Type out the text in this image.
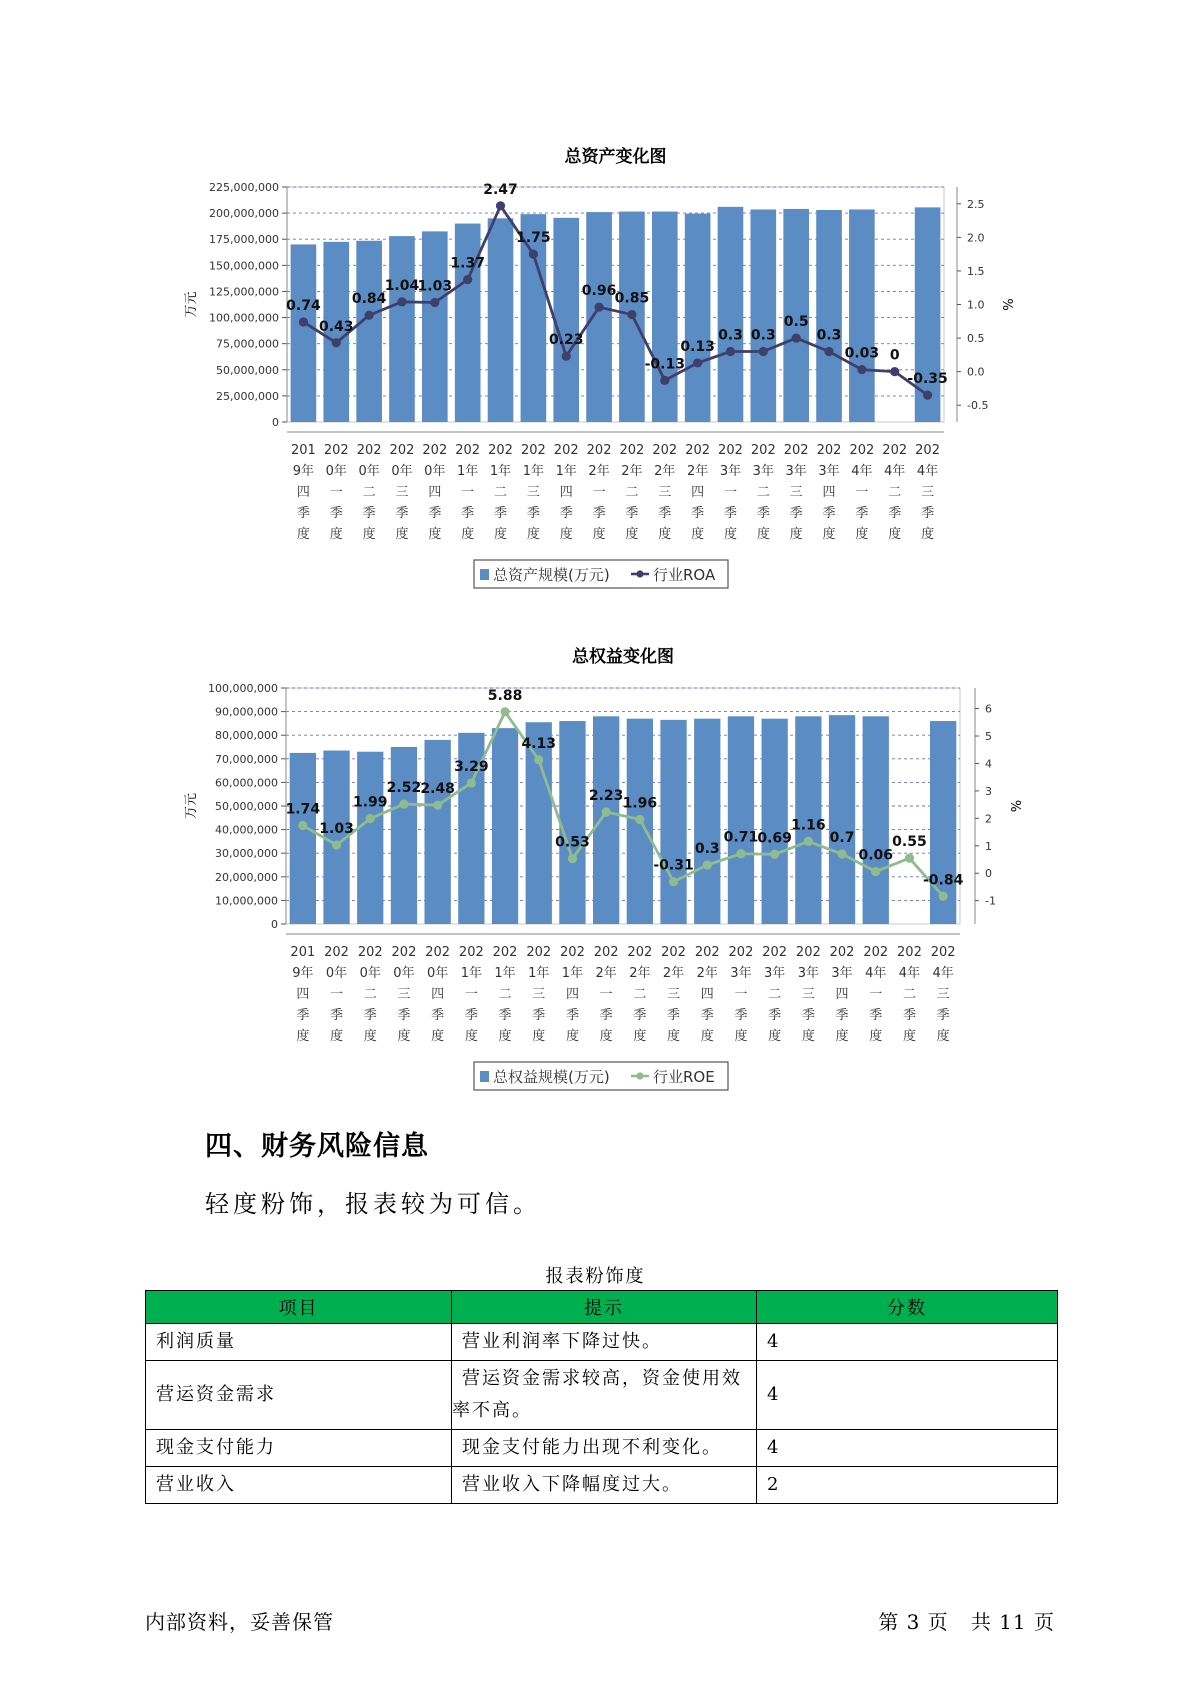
总资产变化图
0
25,000,000
50,000,000
75,000,000
100,000,000
125,000,000
150,000,000
175,000,000
200,000,000
225,000,000
-0.5
0.0
0.5
1.0
1.5
2.0
2.5
万元	%
0.74
0.43
0.84
1.04
1.03
1.37
2.47
1.75
0.23
0.96
0.85
-0.13
0.13
0.3 0.3
0.5
0.3
0.03 0
-0.35
201
9年
四
季
度
202
0年
一
季
度
202
0年
二
季
度
202
0年
三
季
度
202
0年
四
季
度
202
1年
一
季
度
202
1年
二
季
度
202
1年
三
季
度
202
1年
四
季
度
202
2年
一
季
度
202
2年
二
季
度
202
2年
三
季
度
202
2年
四
季
度
202
3年
一
季
度
202
3年
二
季
度
202
3年
三
季
度
202
3年
四
季
度
202
4年
一
季
度
202
4年
二
季
度
202
4年
三
季
度
总资产规模(万元)	行业ROA
总权益变化图
0
10,000,000
20,000,000
30,000,000
40,000,000
50,000,000
60,000,000
70,000,000
80,000,000
90,000,000
100,000,000
-1
0
1
2
3
4
5
6
万元	%
1.74
1.03
1.99
2.52 2.48
3.29
5.88
4.13
0.53
2.23 1.96
-0.31
0.3
0.71 0.69
1.16
0.7
0.06
0.55
-0.84
201
9年
四
季
度
202
0年
一
季
度
202
0年
二
季
度
202
0年
三
季
度
202
0年
四
季
度
202
1年
一
季
度
202
1年
二
季
度
202
1年
三
季
度
202
1年
四
季
度
202
2年
一
季
度
202
2年
二
季
度
202
2年
三
季
度
202
2年
四
季
度
202
3年
一
季
度
202
3年
二
季
度
202
3年
三
季
度
202
3年
四
季
度
202
4年
一
季
度
202
4年
二
季
度
202
4年
三
季
度
总权益规模(万元)	行业ROE
四、财务风险信息
轻度粉饰，报表较为可信。
报表粉饰度
项目	提示	分数
利润质量	营业利润率下降过快。	4
营运资金需求	营运资金需求较高，资金使用效率不高。	4
现金支付能力	现金支付能力出现不利变化。	4
营业收入	营业收入下降幅度过大。	2
内部资料，妥善保管	第 3 页   共 11 页
